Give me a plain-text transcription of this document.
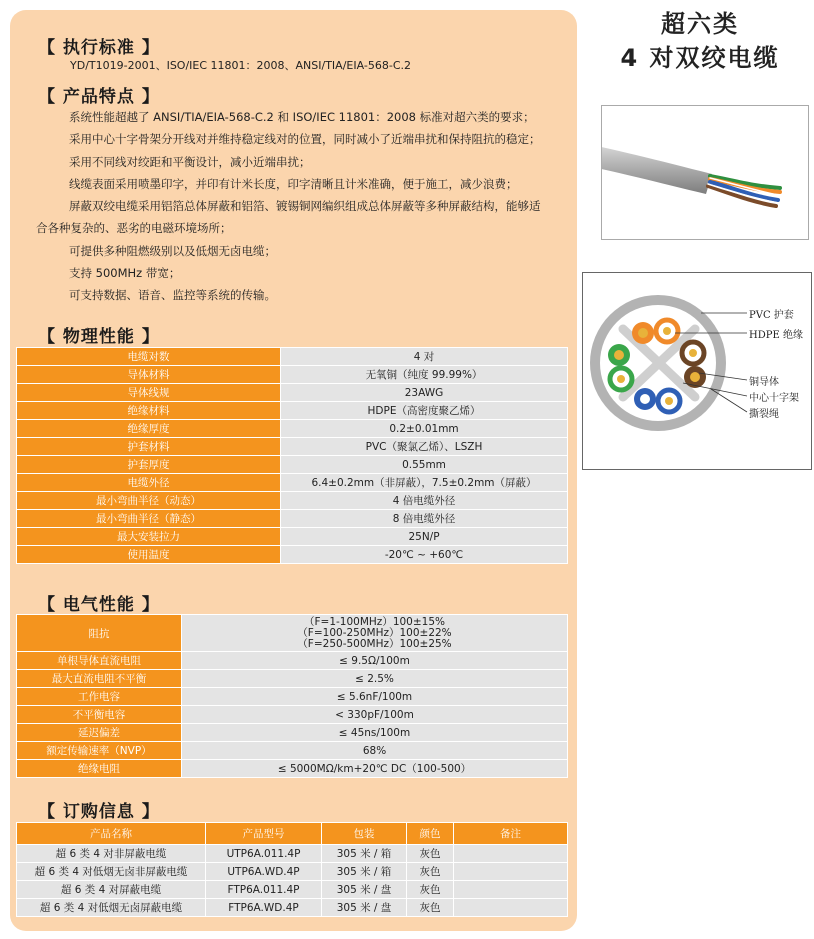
【 执行标准 】
YD/T1019-2001、ISO/IEC 11801：2008、ANSI/TIA/EIA-568-C.2
【 产品特点 】

系统性能超越了 ANSI/TIA/EIA-568-C.2 和 ISO/IEC 11801：2008 标准对超六类的要求；

采用中心十字骨架分开线对并维持稳定线对的位置，同时减小了近端串扰和保持阻抗的稳定；

采用不同线对绞距和平衡设计，减小近端串扰；

线缆表面采用喷墨印字，并印有计米长度，印字清晰且计米准确，便于施工，减少浪费；

屏蔽双绞电缆采用铝箔总体屏蔽和铝箔、镀锡铜网编织组成总体屏蔽等多种屏蔽结构，能够适合各种复杂的、恶劣的电磁环境场所；

可提供多种阻燃级别以及低烟无卤电缆；

支持 500MHz 带宽；

可支持数据、语音、监控等系统的传输。

【 物理性能 】
电缆对数	4 对
导体材料	无氧铜（纯度 99.99%）
导体线规	23AWG
绝缘材料	HDPE（高密度聚乙烯）
绝缘厚度	0.2±0.01mm
护套材料	PVC（聚氯乙烯）、LSZH
护套厚度	0.55mm
电缆外径	6.4±0.2mm（非屏蔽），7.5±0.2mm（屏蔽）
最小弯曲半径（动态）	4 倍电缆外径
最小弯曲半径（静态）	8 倍电缆外径
最大安装拉力	25N/P
使用温度	-20℃ ~ +60℃
【 电气性能 】
阻抗	（F=1-100MHz）100±15%
（F=100-250MHz）100±22%
（F=250-500MHz）100±25%

单根导体直流电阻	≤ 9.5Ω/100m
最大直流电阻不平衡	≤ 2.5%
工作电容	≤ 5.6nF/100m
不平衡电容	< 330pF/100m
延迟偏差	≤ 45ns/100m
额定传输速率（NVP）	68%
绝缘电阻	≤ 5000MΩ/km+20℃ DC（100-500）
【 订购信息 】
产品名称	产品型号	包装	颜色	备注
超 6 类 4 对非屏蔽电缆	UTP6A.011.4P	305 米 / 箱	灰色	
超 6 类 4 对低烟无卤非屏蔽电缆	UTP6A.WD.4P	305 米 / 箱	灰色	
超 6 类 4 对屏蔽电缆	FTP6A.011.4P	305 米 / 盘	灰色	
超 6 类 4 对低烟无卤屏蔽电缆	FTP6A.WD.4P	305 米 / 盘	灰色	
超六类
4 对双绞电缆
PVC 护套
HDPE 绝缘
铜导体
中心十字架
撕裂绳
